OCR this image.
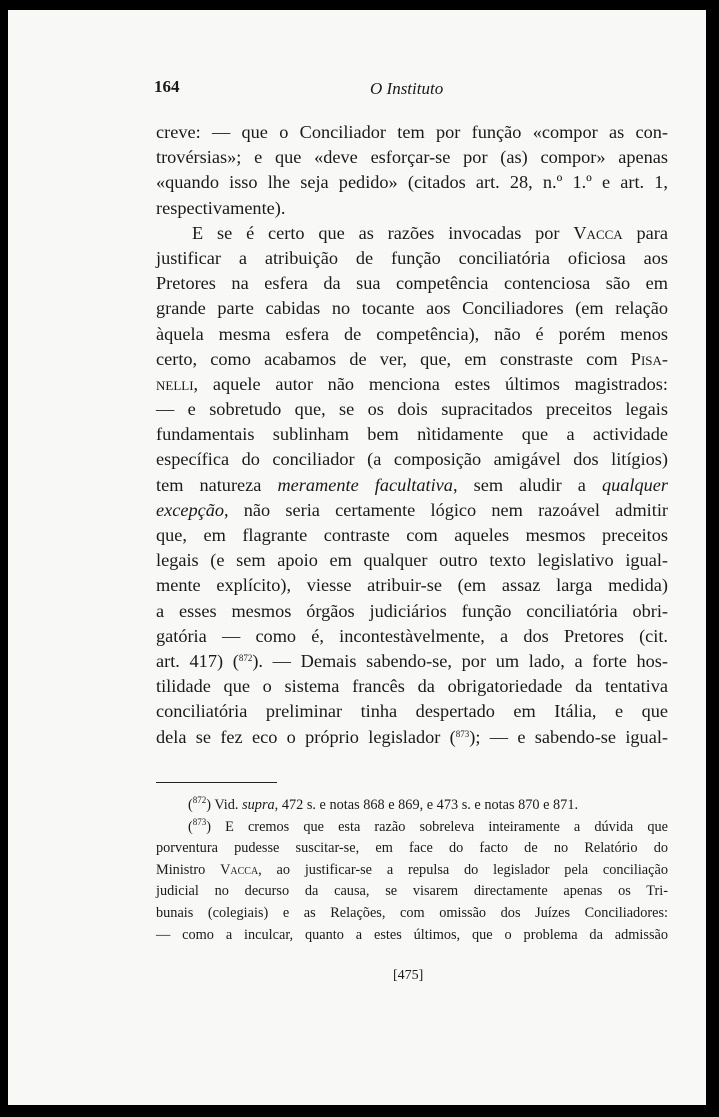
164	O Instituto
creve: — que o Conciliador tem por função «compor as con-
trovérsias»; e que «deve esforçar-se por (as) compor» apenas
«quando isso lhe seja pedido» (citados art. 28, n.º 1.º e art. 1,
respectivamente).
E se é certo que as razões invocadas por Vacca para
justificar a atribuição de função conciliatória oficiosa aos
Pretores na esfera da sua competência contenciosa são em
grande parte cabidas no tocante aos Conciliadores (em relação
àquela mesma esfera de competência), não é porém menos
certo, como acabamos de ver, que, em constraste com Pisa-
nelli, aquele autor não menciona estes últimos magistrados:
— e sobretudo que, se os dois supracitados preceitos legais
fundamentais sublinham bem nìtidamente que a actividade
específica do conciliador (a composição amigável dos litígios)
tem natureza meramente facultativa, sem aludir a qualquer
excepção, não seria certamente lógico nem razoável admitir
que, em flagrante contraste com aqueles mesmos preceitos
legais (e sem apoio em qualquer outro texto legislativo igual-
mente explícito), viesse atribuir-se (em assaz larga medida)
a esses mesmos órgãos judiciários função conciliatória obri-
gatória — como é, incontestàvelmente, a dos Pretores (cit.
art. 417) ($^{872}$). — Demais sabendo-se, por um lado, a forte hos-
tilidade que o sistema francês da obrigatoriedade da tentativa
conciliatória preliminar tinha despertado em Itália, e que
dela se fez eco o próprio legislador ($^{873}$); — e sabendo-se igual-
($^{872}$) Vid. supra, 472 s. e notas 868 e 869, e 473 s. e notas 870 e 871.
($^{873}$) E cremos que esta razão sobreleva inteiramente a dúvida que
porventura pudesse suscitar-se, em face do facto de no Relatório do
Ministro Vacca, ao justificar-se a repulsa do legislador pela conciliação
judicial no decurso da causa, se visarem directamente apenas os Tri-
bunais (colegiais) e as Relações, com omissão dos Juízes Conciliadores:
— como a inculcar, quanto a estes últimos, que o problema da admissão
[475]
